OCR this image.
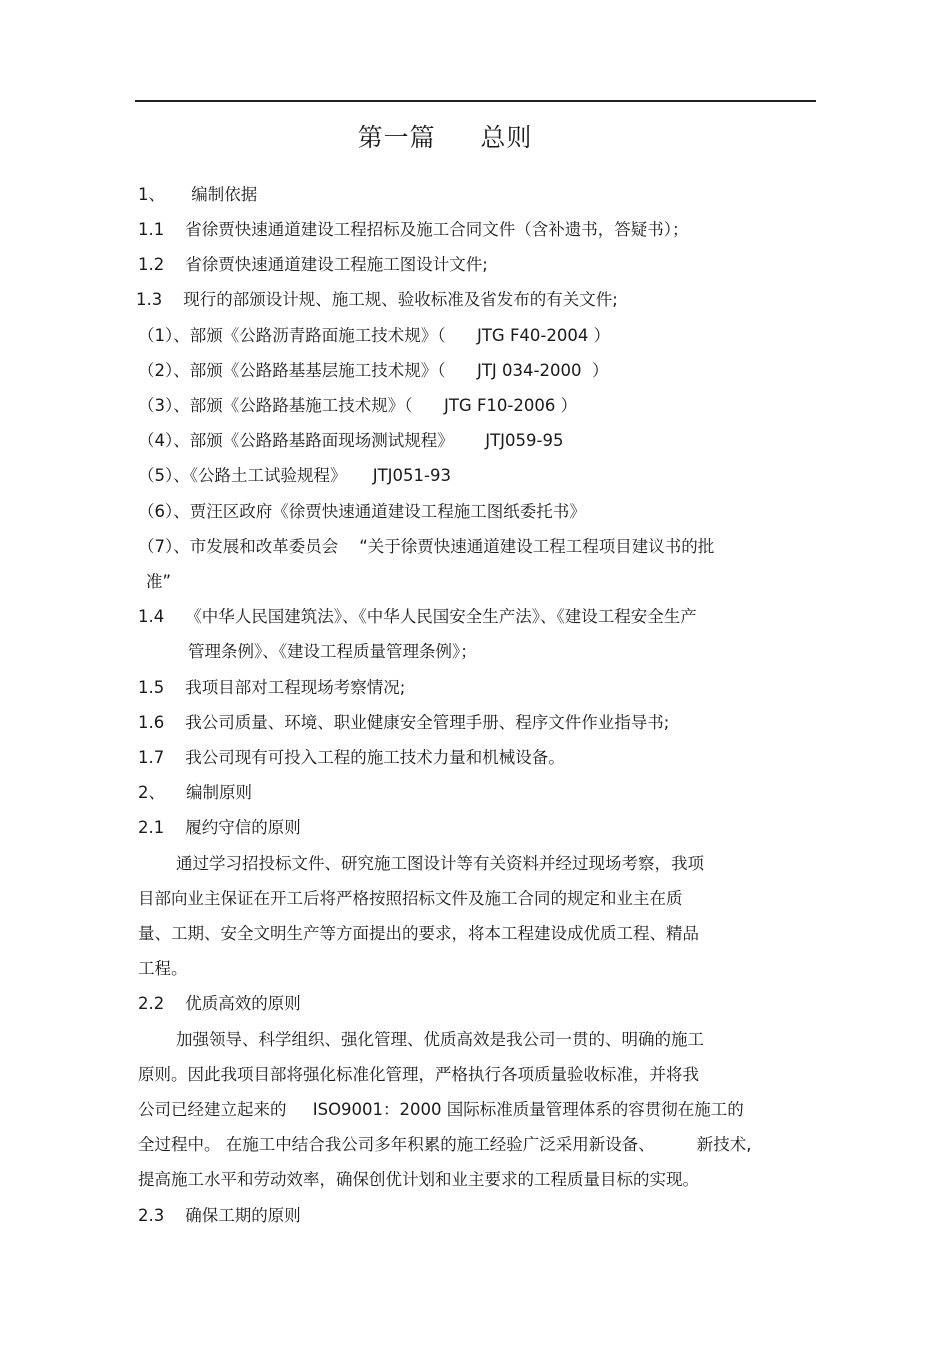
第一篇     总则
1、     编制依据
1.1    省徐贾快速通道建设工程招标及施工合同文件（含补遗书，答疑书）；
1.2    省徐贾快速通道建设工程施工图设计文件;
1.3    现行的部颁设计规、施工规、验收标准及省发布的有关文件;
（1）、部颁《公路沥青路面施工技术规》（      JTG F40-2004 ）
（2）、部颁《公路路基基层施工技术规》（      JTJ 034-2000  ）
（3）、部颁《公路路基施工技术规》（      JTG F10-2006 ）
（4）、部颁《公路路基路面现场测试规程》      JTJ059-95
（5）、《公路土工试验规程》     JTJ051-93
（6）、贾汪区政府《徐贾快速通道建设工程施工图纸委托书》
（7）、市发展和改革委员会    “关于徐贾快速通道建设工程工程项目建议书的批
准”
1.4    《中华人民国建筑法》、《中华人民国安全生产法》、《建设工程安全生产
管理条例》、《建设工程质量管理条例》；
1.5    我项目部对工程现场考察情况;
1.6    我公司质量、环境、职业健康安全管理手册、程序文件作业指导书;
1.7    我公司现有可投入工程的施工技术力量和机械设备。
2、    编制原则
2.1    履约守信的原则
通过学习招投标文件、研究施工图设计等有关资料并经过现场考察，我项
目部向业主保证在开工后将严格按照招标文件及施工合同的规定和业主在质
量、工期、安全文明生产等方面提出的要求，将本工程建设成优质工程、精品
工程。
2.2    优质高效的原则
加强领导、科学组织、强化管理、优质高效是我公司一贯的、明确的施工
原则。因此我项目部将强化标准化管理，严格执行各项质量验收标准，并将我
公司已经建立起来的     ISO9001：2000 国际标准质量管理体系的容贯彻在施工的
全过程中。 在施工中结合我公司多年积累的施工经验广泛采用新设备、        新技术,
提高施工水平和劳动效率，确保创优计划和业主要求的工程质量目标的实现。
2.3    确保工期的原则
